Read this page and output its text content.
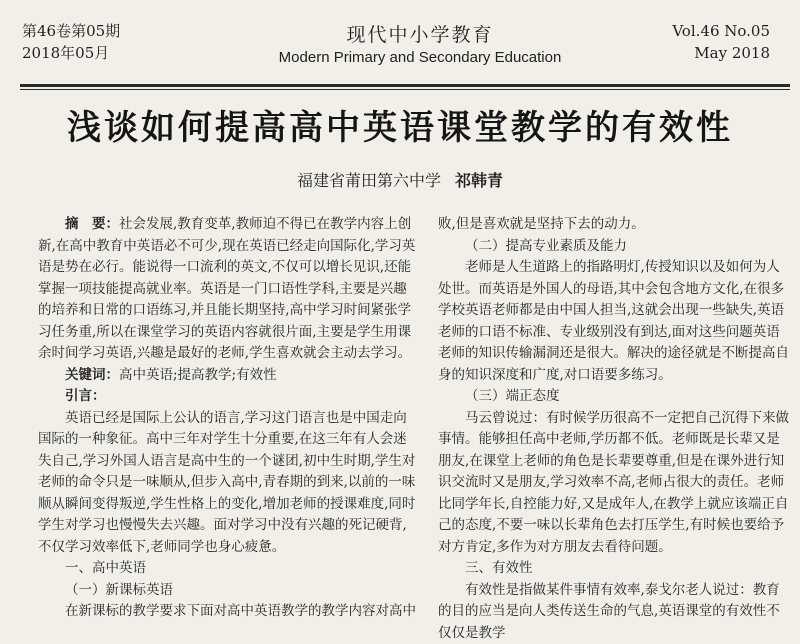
第46卷第05期
2018年05月
现代中小学教育
Modern Primary and Secondary Education
Vol.46 No.05
May 2018
浅谈如何提高高中英语课堂教学的有效性
福建省莆田第六中学 祁韩青

摘　要：社会发展,教育变革,教师迫不得已在教学内容上创新,在高中教育中英语必不可少,现在英语已经走向国际化,学习英语是势在必行。能说得一口流利的英文,不仅可以增长见识,还能掌握一项技能提高就业率。英语是一门口语性学科,主要是兴趣的培养和日常的口语练习,并且能长期坚持,高中学习时间紧张学习任务重,所以在课堂学习的英语内容就很片面,主要是学生用课余时间学习英语,兴趣是最好的老师,学生喜欢就会主动去学习。

关键词：高中英语;提高教学;有效性

引言：

英语已经是国际上公认的语言,学习这门语言也是中国走向国际的一种象征。高中三年对学生十分重要,在这三年有人会迷失自己,学习外国人语言是高中生的一个谜团,初中生时期,学生对老师的命令只是一味顺从,但步入高中,青春期的到来,以前的一味顺从瞬间变得叛逆,学生性格上的变化,增加老师的授课难度,同时学生对学习也慢慢失去兴趣。面对学习中没有兴趣的死记硬背,不仅学习效率低下,老师同学也身心疲惫。

一、高中英语

（一）新课标英语

在新课标的教学要求下面对高中英语教学的教学内容对高中

败,但是喜欢就是坚持下去的动力。

（二）提高专业素质及能力

老师是人生道路上的指路明灯,传授知识以及如何为人处世。而英语是外国人的母语,其中会包含地方文化,在很多学校英语老师都是由中国人担当,这就会出现一些缺失,英语老师的口语不标准、专业级别没有到达,面对这些问题英语老师的知识传输漏洞还是很大。解决的途径就是不断提高自身的知识深度和广度,对口语要多练习。

（三）端正态度

马云曾说过：有时候学历很高不一定把自己沉得下来做事情。能够担任高中老师,学历都不低。老师既是长辈又是朋友,在课堂上老师的角色是长辈要尊重,但是在课外进行知识交流时又是朋友,学习效率不高,老师占很大的责任。老师比同学年长,自控能力好,又是成年人,在教学上就应该端正自己的态度,不要一味以长辈角色去打压学生,有时候也要给予对方肯定,多作为对方朋友去看待问题。

三、有效性

有效性是指做某件事情有效率,泰戈尔老人说过：教育的目的应当是向人类传送生命的气息,英语课堂的有效性不仅仅是教学
